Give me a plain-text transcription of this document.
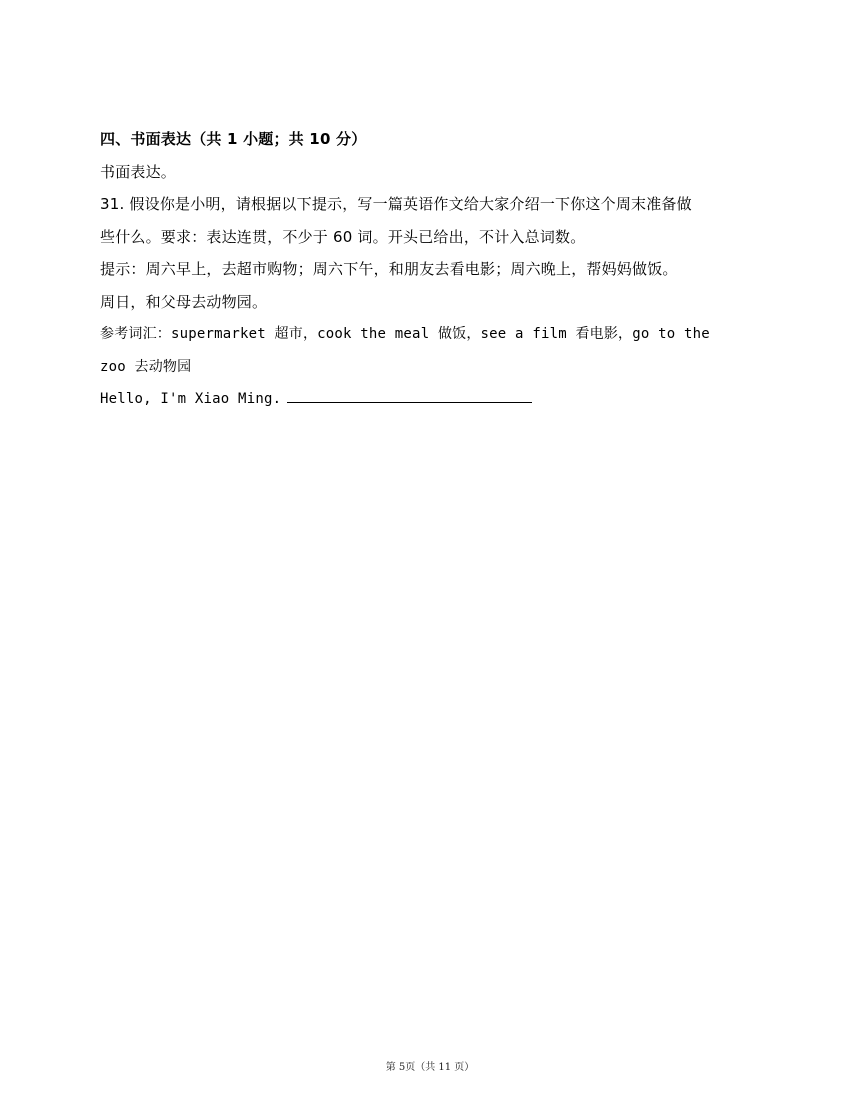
四、书面表达（共 1 小题；共 10 分）
书面表达。
31. 假设你是小明，请根据以下提示，写一篇英语作文给大家介绍一下你这个周末准备做
些什么。要求：表达连贯，不少于 60 词。开头已给出，不计入总词数。
提示：周六早上，去超市购物；周六下午，和朋友去看电影；周六晚上，帮妈妈做饭。
周日，和父母去动物园。
参考词汇：supermarket 超市，cook the meal 做饭，see a film 看电影，go to the
zoo 去动物园
Hello, I'm Xiao Ming.
第 5页（共 11 页）
